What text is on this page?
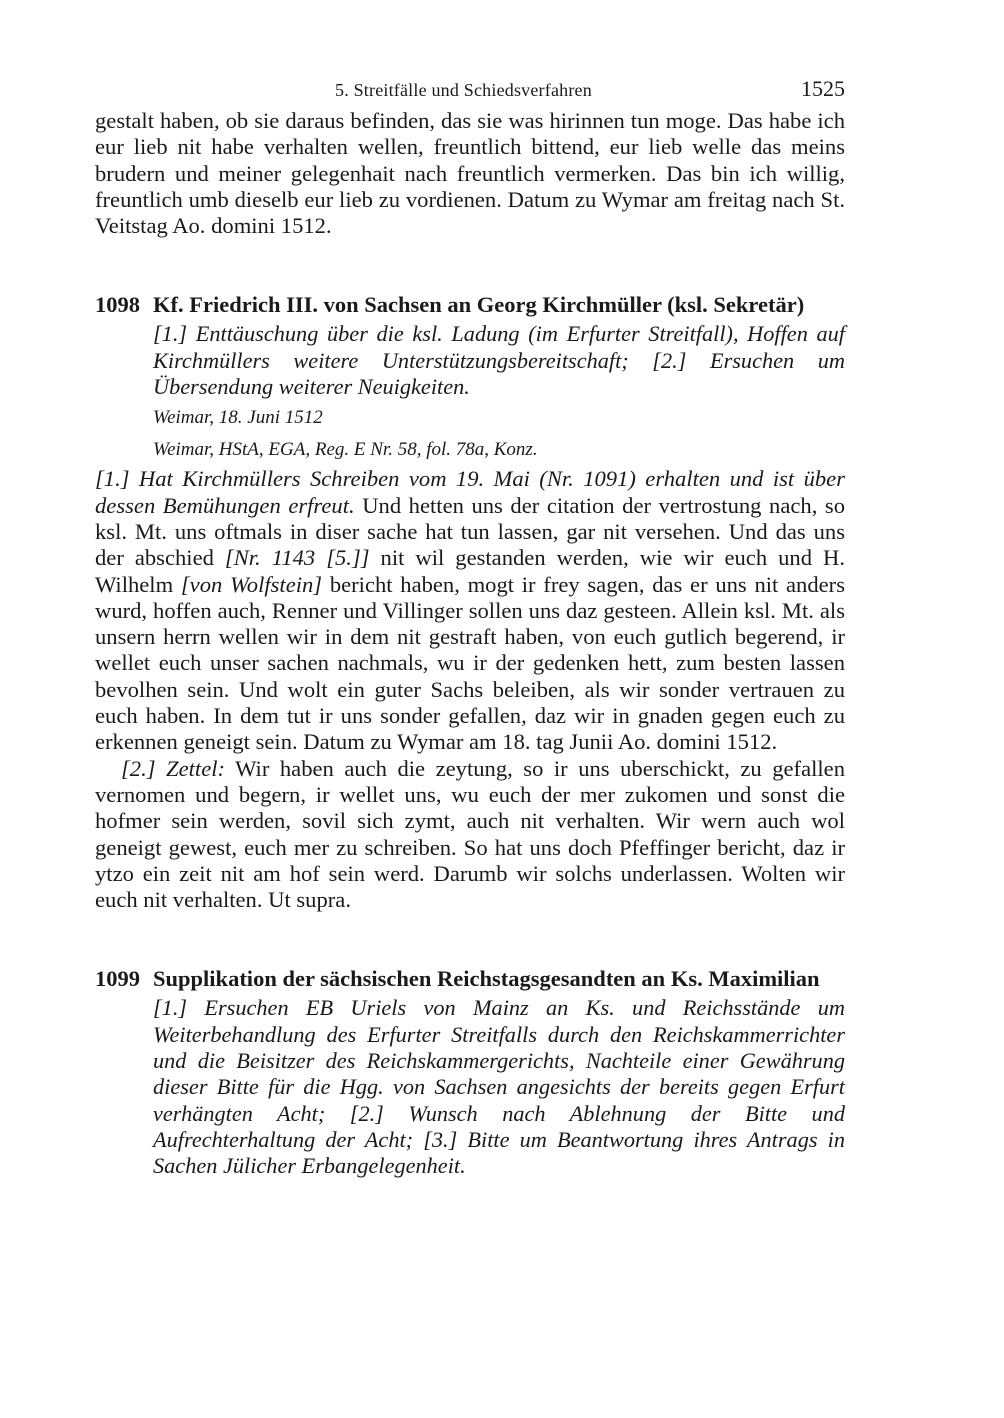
5. Streitfälle und Schiedsverfahren	1525

gestalt haben, ob sie daraus befinden, das sie was hirinnen tun moge. Das habe ich eur lieb nit habe verhalten wellen, freuntlich bittend, eur lieb welle das meins brudern und meiner gelegenhait nach freuntlich vermerken. Das bin ich willig, freuntlich umb dieselb eur lieb zu vordienen. Datum zu Wymar am freitag nach St. Veitstag Ao. domini 1512.

1098 Kf. Friedrich III. von Sachsen an Georg Kirchmüller (ksl. Sekretär)

[1.] Enttäuschung über die ksl. Ladung (im Erfurter Streitfall), Hoffen auf Kirchmüllers weitere Unterstützungsbereitschaft; [2.] Ersuchen um Übersendung weiterer Neuigkeiten.

Weimar, 18. Juni 1512

Weimar, HStA, EGA, Reg. E Nr. 58, fol. 78a, Konz.

[1.] Hat Kirchmüllers Schreiben vom 19. Mai (Nr. 1091) erhalten und ist über dessen Bemühungen erfreut. Und hetten uns der citation der vertrostung nach, so ksl. Mt. uns oftmals in diser sache hat tun lassen, gar nit versehen. Und das uns der abschied [Nr. 1143 [5.]] nit wil gestanden werden, wie wir euch und H. Wilhelm [von Wolfstein] bericht haben, mogt ir frey sagen, das er uns nit anders wurd, hoffen auch, Renner und Villinger sollen uns daz gesteen. Allein ksl. Mt. als unsern herrn wellen wir in dem nit gestraft haben, von euch gutlich begerend, ir wellet euch unser sachen nachmals, wu ir der gedenken hett, zum besten lassen bevolhen sein. Und wolt ein guter Sachs beleiben, als wir sonder vertrauen zu euch haben. In dem tut ir uns sonder gefallen, daz wir in gnaden gegen euch zu erkennen geneigt sein. Datum zu Wymar am 18. tag Junii Ao. domini 1512.

[2.] Zettel: Wir haben auch die zeytung, so ir uns uberschickt, zu gefallen vernomen und begern, ir wellet uns, wu euch der mer zukomen und sonst die hofmer sein werden, sovil sich zymt, auch nit verhalten. Wir wern auch wol geneigt gewest, euch mer zu schreiben. So hat uns doch Pfeffinger bericht, daz ir ytzo ein zeit nit am hof sein werd. Darumb wir solchs underlassen. Wolten wir euch nit verhalten. Ut supra.

1099 Supplikation der sächsischen Reichstagsgesandten an Ks. Maximilian

[1.] Ersuchen EB Uriels von Mainz an Ks. und Reichsstände um Weiterbehandlung des Erfurter Streitfalls durch den Reichskammerrichter und die Beisitzer des Reichskammergerichts, Nachteile einer Gewährung dieser Bitte für die Hgg. von Sachsen angesichts der bereits gegen Erfurt verhängten Acht; [2.] Wunsch nach Ablehnung der Bitte und Aufrechterhaltung der Acht; [3.] Bitte um Beantwortung ihres Antrags in Sachen Jülicher Erbangelegenheit.
